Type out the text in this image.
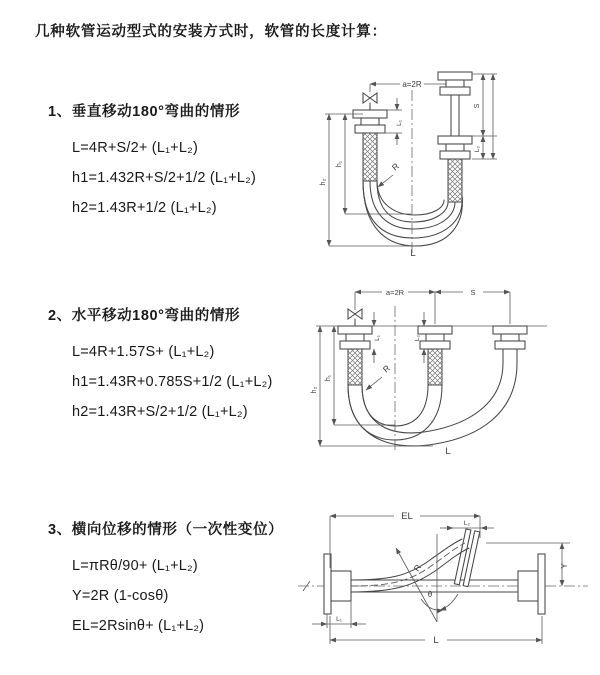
几种软管运动型式的安装方式时，软管的长度计算：
1、垂直移动180°弯曲的情形
L=4R+S/2+ (L₁+L₂)
h1=1.432R+S/2+1/2 (L₁+L₂)
h2=1.43R+1/2 (L₁+L₂)
2、水平移动180°弯曲的情形
L=4R+1.57S+ (L₁+L₂)
h1=1.43R+0.785S+1/2 (L₁+L₂)
h2=1.43R+S/2+1/2 (L₁+L₂)
3、横向位移的情形（一次性变位）
L=πRθ/90+ (L₁+L₂)
Y=2R (1-cosθ)
EL=2Rsinθ+ (L₁+L₂)
a=2R
h₁
h₂
L₁
S
L₂
R
L
a=2R	S
L₁	L₂
h₁
h₂
R
L
EL
L₂
Y
L₁
L
R
θ
